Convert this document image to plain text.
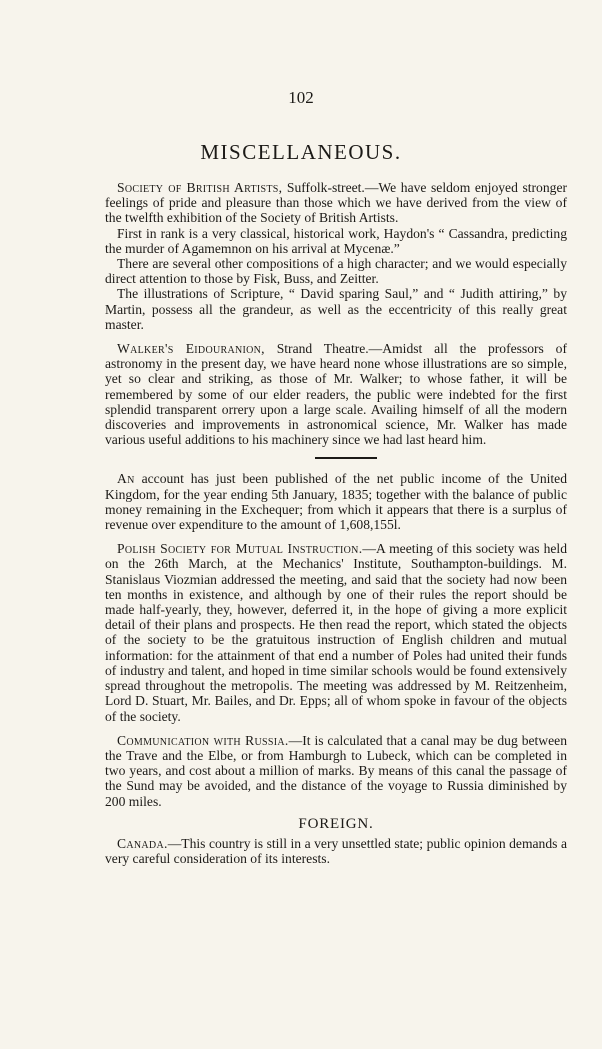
102
MISCELLANEOUS.

Society of British Artists, Suffolk-street.—We have seldom enjoyed stronger feelings of pride and pleasure than those which we have derived from the view of the twelfth exhibition of the Society of British Artists.

First in rank is a very classical, historical work, Haydon's “ Cassandra, predicting the murder of Agamemnon on his arrival at Mycenæ.”

There are several other compositions of a high character; and we would especially direct attention to those by Fisk, Buss, and Zeitter.

The illustrations of Scripture, “ David sparing Saul,” and “ Judith attiring,” by Martin, possess all the grandeur, as well as the eccentricity of this really great master.

Walker's Eidouranion, Strand Theatre.—Amidst all the professors of astronomy in the present day, we have heard none whose illustrations are so simple, yet so clear and striking, as those of Mr. Walker; to whose father, it will be remembered by some of our elder readers, the public were indebted for the first splendid transparent orrery upon a large scale. Availing himself of all the modern discoveries and improvements in astronomical science, Mr. Walker has made various useful additions to his machinery since we had last heard him.

An account has just been published of the net public income of the United Kingdom, for the year ending 5th January, 1835; together with the balance of public money remaining in the Exchequer; from which it appears that there is a surplus of revenue over expenditure to the amount of 1,608,155l.

Polish Society for Mutual Instruction.—A meeting of this society was held on the 26th March, at the Mechanics' Institute, Southampton-buildings. M. Stanislaus Viozmian addressed the meeting, and said that the society had now been ten months in existence, and although by one of their rules the report should be made half-yearly, they, however, deferred it, in the hope of giving a more explicit detail of their plans and prospects. He then read the report, which stated the objects of the society to be the gratuitous instruction of English children and mutual information: for the attainment of that end a number of Poles had united their funds of industry and talent, and hoped in time similar schools would be found extensively spread throughout the metropolis. The meeting was addressed by M. Reitzenheim, Lord D. Stuart, Mr. Bailes, and Dr. Epps; all of whom spoke in favour of the objects of the society.

Communication with Russia.—It is calculated that a canal may be dug between the Trave and the Elbe, or from Hamburgh to Lubeck, which can be completed in two years, and cost about a million of marks. By means of this canal the passage of the Sund may be avoided, and the distance of the voyage to Russia diminished by 200 miles.

FOREIGN.

Canada.—This country is still in a very unsettled state; public opinion demands a very careful consideration of its interests.
